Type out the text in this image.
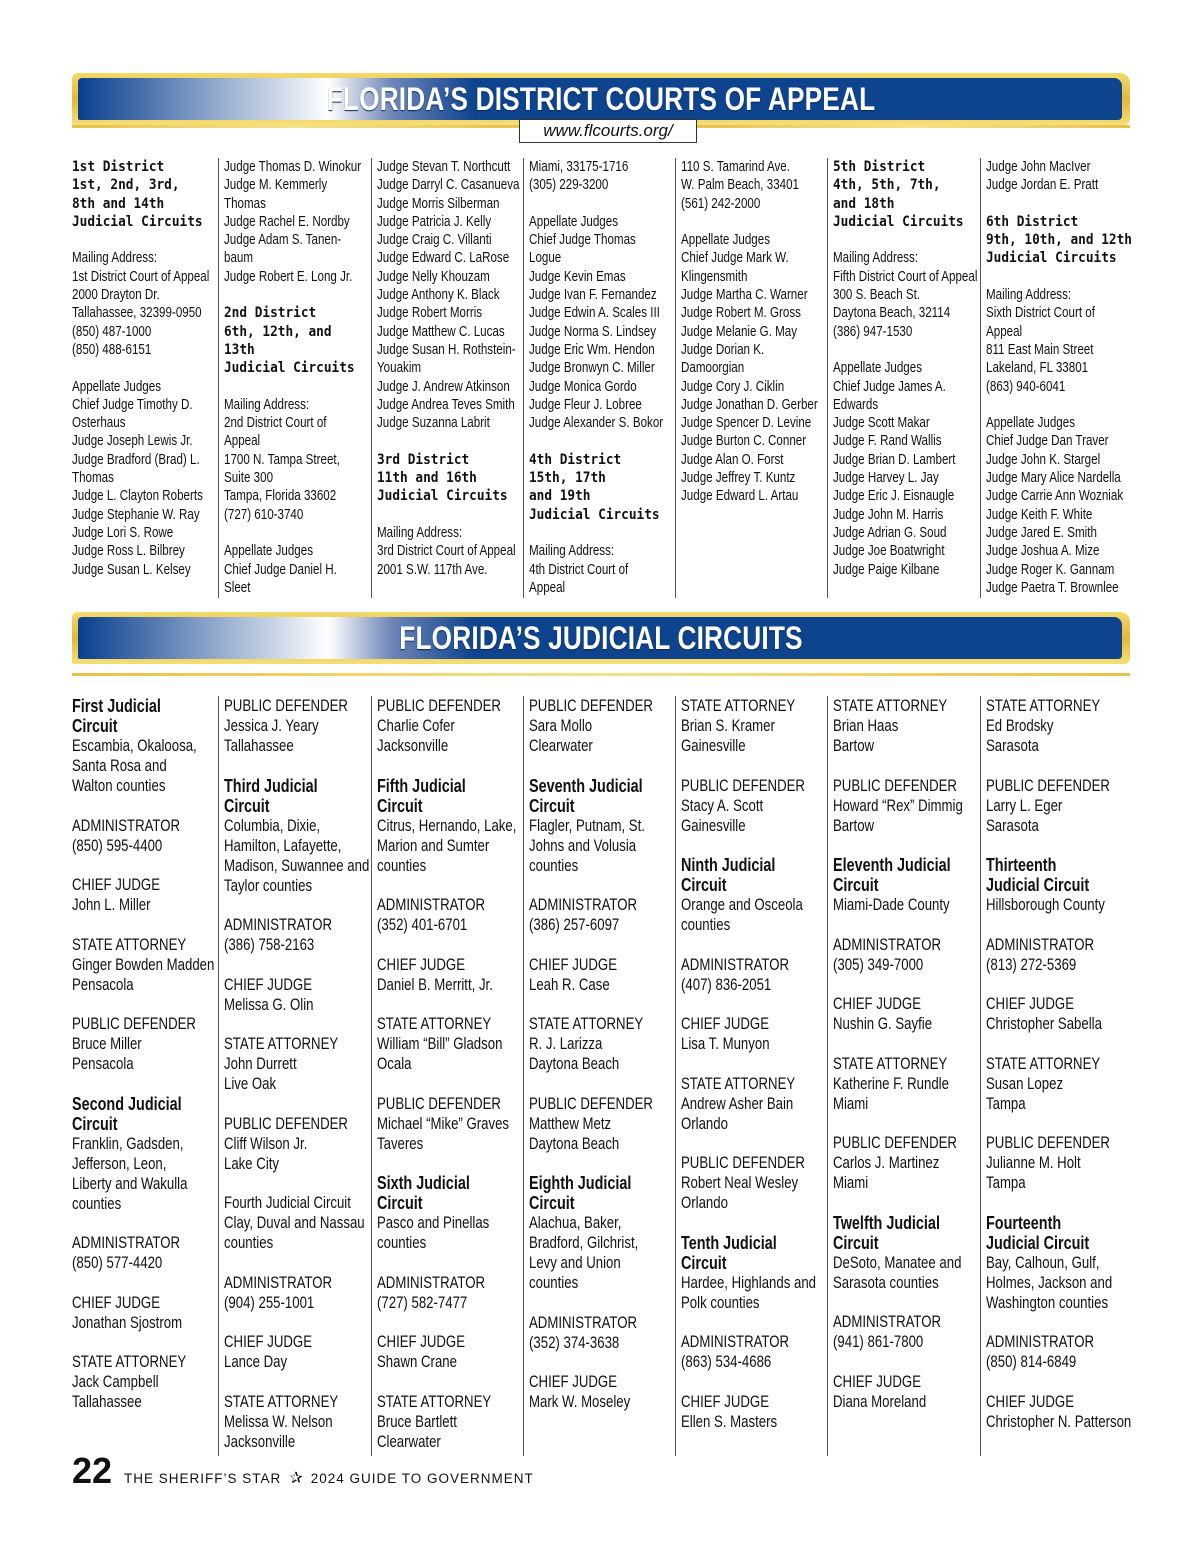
FLORIDA’S DISTRICT COURTS OF APPEAL
www.flcourts.org/
1st District
1st, 2nd, 3rd,
8th and 14th
Judicial Circuits
Mailing Address:
1st District Court of Appeal
2000 Drayton Dr.
Tallahassee, 32399-0950
(850) 487-1000
(850) 488-6151
Appellate Judges
Chief Judge Timothy D.
Osterhaus
Judge Joseph Lewis Jr.
Judge Bradford (Brad) L.
Thomas
Judge L. Clayton Roberts
Judge Stephanie W. Ray
Judge Lori S. Rowe
Judge Ross L. Bilbrey
Judge Susan L. Kelsey
Judge Thomas D. Winokur
Judge M. Kemmerly
Thomas
Judge Rachel E. Nordby
Judge Adam S. Tanen-
baum
Judge Robert E. Long Jr.
2nd District
6th, 12th, and
13th
Judicial Circuits
Mailing Address:
2nd District Court of
Appeal
1700 N. Tampa Street,
Suite 300
Tampa, Florida 33602
(727) 610-3740
Appellate Judges
Chief Judge Daniel H.
Sleet
Judge Stevan T. Northcutt
Judge Darryl C. Casanueva
Judge Morris Silberman
Judge Patricia J. Kelly
Judge Craig C. Villanti
Judge Edward C. LaRose
Judge Nelly Khouzam
Judge Anthony K. Black
Judge Robert Morris
Judge Matthew C. Lucas
Judge Susan H. Rothstein-
Youakim
Judge J. Andrew Atkinson
Judge Andrea Teves Smith
Judge Suzanna Labrit
3rd District
11th and 16th
Judicial Circuits
Mailing Address:
3rd District Court of Appeal
2001 S.W. 117th Ave.
Miami, 33175-1716
(305) 229-3200
Appellate Judges
Chief Judge Thomas
Logue
Judge Kevin Emas
Judge Ivan F. Fernandez
Judge Edwin A. Scales III
Judge Norma S. Lindsey
Judge Eric Wm. Hendon
Judge Bronwyn C. Miller
Judge Monica Gordo
Judge Fleur J. Lobree
Judge Alexander S. Bokor
4th District
15th, 17th
and 19th
Judicial Circuits
Mailing Address:
4th District Court of
Appeal
110 S. Tamarind Ave.
W. Palm Beach, 33401
(561) 242-2000
Appellate Judges
Chief Judge Mark W.
Klingensmith
Judge Martha C. Warner
Judge Robert M. Gross
Judge Melanie G. May
Judge Dorian K.
Damoorgian
Judge Cory J. Ciklin
Judge Jonathan D. Gerber
Judge Spencer D. Levine
Judge Burton C. Conner
Judge Alan O. Forst
Judge Jeffrey T. Kuntz
Judge Edward L. Artau
5th District
4th, 5th, 7th,
and 18th
Judicial Circuits
Mailing Address:
Fifth District Court of Appeal
300 S. Beach St.
Daytona Beach, 32114
(386) 947-1530
Appellate Judges
Chief Judge James A.
Edwards
Judge Scott Makar
Judge F. Rand Wallis
Judge Brian D. Lambert
Judge Harvey L. Jay
Judge Eric J. Eisnaugle
Judge John M. Harris
Judge Adrian G. Soud
Judge Joe Boatwright
Judge Paige Kilbane
Judge John MacIver
Judge Jordan E. Pratt
6th District
9th, 10th, and 12th
Judicial Circuits
Mailing Address:
Sixth District Court of
Appeal
811 East Main Street
Lakeland, FL 33801
(863) 940-6041
Appellate Judges
Chief Judge Dan Traver
Judge John K. Stargel
Judge Mary Alice Nardella
Judge Carrie Ann Wozniak
Judge Keith F. White
Judge Jared E. Smith
Judge Joshua A. Mize
Judge Roger K. Gannam
Judge Paetra T. Brownlee
FLORIDA’S JUDICIAL CIRCUITS
First Judicial
Circuit
Escambia, Okaloosa,
Santa Rosa and
Walton counties
ADMINISTRATOR
(850) 595-4400
CHIEF JUDGE
John L. Miller
STATE ATTORNEY
Ginger Bowden Madden
Pensacola
PUBLIC DEFENDER
Bruce Miller
Pensacola
Second Judicial
Circuit
Franklin, Gadsden,
Jefferson, Leon,
Liberty and Wakulla
counties
ADMINISTRATOR
(850) 577-4420
CHIEF JUDGE
Jonathan Sjostrom
STATE ATTORNEY
Jack Campbell
Tallahassee
PUBLIC DEFENDER
Jessica J. Yeary
Tallahassee
Third Judicial
Circuit
Columbia, Dixie,
Hamilton, Lafayette,
Madison, Suwannee and
Taylor counties
ADMINISTRATOR
(386) 758-2163
CHIEF JUDGE
Melissa G. Olin
STATE ATTORNEY
John Durrett
Live Oak
PUBLIC DEFENDER
Cliff Wilson Jr.
Lake City
Fourth Judicial Circuit
Clay, Duval and Nassau
counties
ADMINISTRATOR
(904) 255-1001
CHIEF JUDGE
Lance Day
STATE ATTORNEY
Melissa W. Nelson
Jacksonville
PUBLIC DEFENDER
Charlie Cofer
Jacksonville
Fifth Judicial
Circuit
Citrus, Hernando, Lake,
Marion and Sumter
counties
ADMINISTRATOR
(352) 401-6701
CHIEF JUDGE
Daniel B. Merritt, Jr.
STATE ATTORNEY
William “Bill” Gladson
Ocala
PUBLIC DEFENDER
Michael “Mike” Graves
Taveres
Sixth Judicial
Circuit
Pasco and Pinellas
counties
ADMINISTRATOR
(727) 582-7477
CHIEF JUDGE
Shawn Crane
STATE ATTORNEY
Bruce Bartlett
Clearwater
PUBLIC DEFENDER
Sara Mollo
Clearwater
Seventh Judicial
Circuit
Flagler, Putnam, St.
Johns and Volusia
counties
ADMINISTRATOR
(386) 257-6097
CHIEF JUDGE
Leah R. Case
STATE ATTORNEY
R. J. Larizza
Daytona Beach
PUBLIC DEFENDER
Matthew Metz
Daytona Beach
Eighth Judicial
Circuit
Alachua, Baker,
Bradford, Gilchrist,
Levy and Union
counties
ADMINISTRATOR
(352) 374-3638
CHIEF JUDGE
Mark W. Moseley
STATE ATTORNEY
Brian S. Kramer
Gainesville
PUBLIC DEFENDER
Stacy A. Scott
Gainesville
Ninth Judicial
Circuit
Orange and Osceola
counties
ADMINISTRATOR
(407) 836-2051
CHIEF JUDGE
Lisa T. Munyon
STATE ATTORNEY
Andrew Asher Bain
Orlando
PUBLIC DEFENDER
Robert Neal Wesley
Orlando
Tenth Judicial
Circuit
Hardee, Highlands and
Polk counties
ADMINISTRATOR
(863) 534-4686
CHIEF JUDGE
Ellen S. Masters
STATE ATTORNEY
Brian Haas
Bartow
PUBLIC DEFENDER
Howard “Rex” Dimmig
Bartow
Eleventh Judicial
Circuit
Miami-Dade County
ADMINISTRATOR
(305) 349-7000
CHIEF JUDGE
Nushin G. Sayfie
STATE ATTORNEY
Katherine F. Rundle
Miami
PUBLIC DEFENDER
Carlos J. Martinez
Miami
Twelfth Judicial
Circuit
DeSoto, Manatee and
Sarasota counties
ADMINISTRATOR
(941) 861-7800
CHIEF JUDGE
Diana Moreland
STATE ATTORNEY
Ed Brodsky
Sarasota
PUBLIC DEFENDER
Larry L. Eger
Sarasota
Thirteenth
Judicial Circuit
Hillsborough County
ADMINISTRATOR
(813) 272-5369
CHIEF JUDGE
Christopher Sabella
STATE ATTORNEY
Susan Lopez
Tampa
PUBLIC DEFENDER
Julianne M. Holt
Tampa
Fourteenth
Judicial Circuit
Bay, Calhoun, Gulf,
Holmes, Jackson and
Washington counties
ADMINISTRATOR
(850) 814-6849
CHIEF JUDGE
Christopher N. Patterson
22 THE SHERIFF’S STAR ✰ 2024 GUIDE TO GOVERNMENT
